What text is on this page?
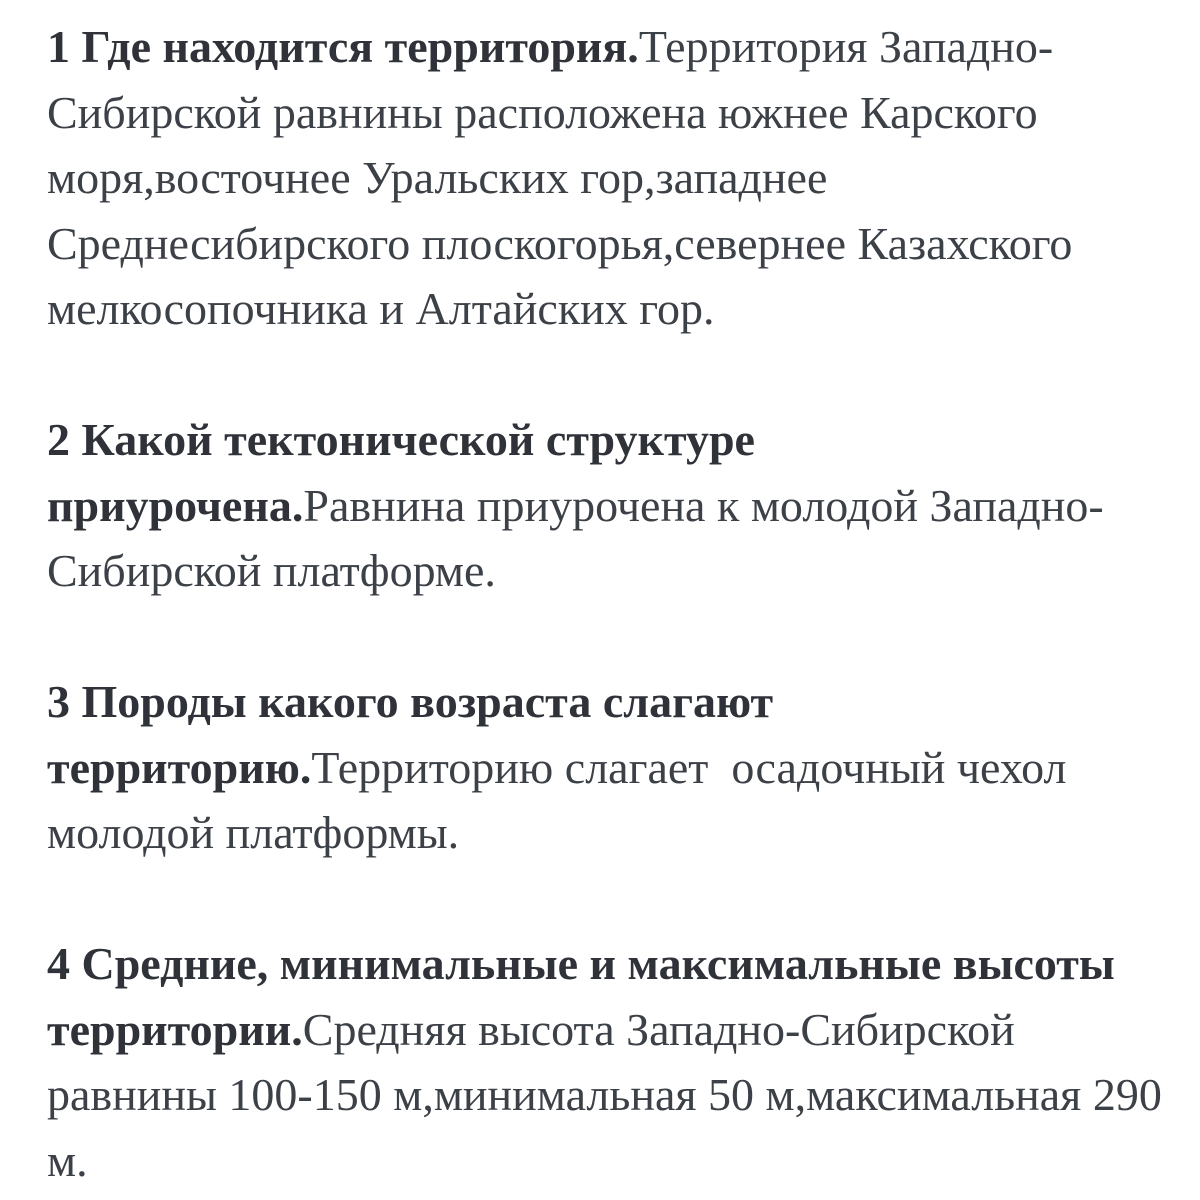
1 Где находится территория.Территория Западно-Сибирской равнины расположена южнее Карского моря,восточнее Уральских гор,западнее Среднесибирского плоскогорья,севернее Казахского мелкосопочника и Алтайских гор.

2 Какой тектонической структуре приурочена.Равнина приурочена к молодой Западно-Сибирской платформе.

3 Породы какого возраста слагают территорию.Территорию слагает  осадочный чехол молодой платформы.

4 Средние, минимальные и максимальные высоты территории.Средняя высота Западно-Сибирской равнины 100-150 м,минимальная 50 м,максимальная 290 м.
